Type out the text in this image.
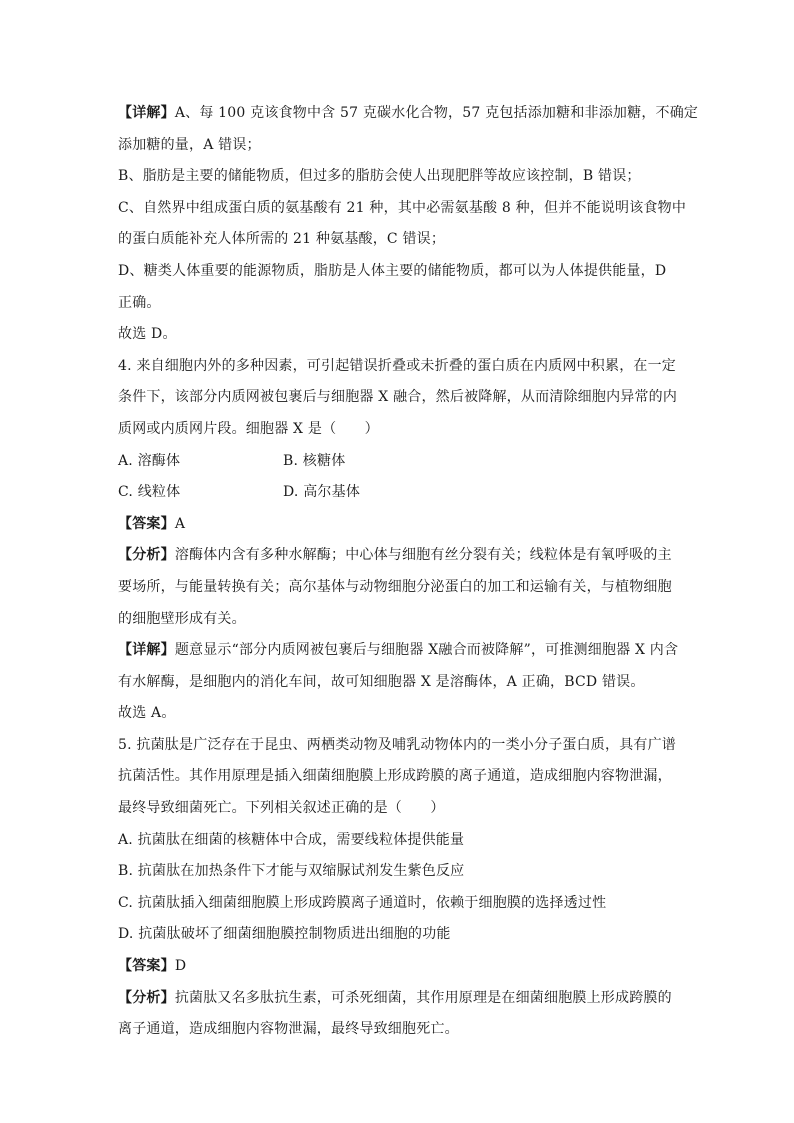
【详解】A、每 100 克该食物中含 57 克碳水化合物，57 克包括添加糖和非添加糖，不确定
添加糖的量，A 错误；
B、脂肪是主要的储能物质，但过多的脂肪会使人出现肥胖等故应该控制，B 错误；
C、自然界中组成蛋白质的氨基酸有 21 种，其中必需氨基酸 8 种，但并不能说明该食物中
的蛋白质能补充人体所需的 21 种氨基酸，C 错误；
D、糖类人体重要的能源物质，脂肪是人体主要的储能物质，都可以为人体提供能量，D
正确。
故选 D。
4. 来自细胞内外的多种因素，可引起错误折叠或未折叠的蛋白质在内质网中积累，在一定
条件下，该部分内质网被包裹后与细胞器 X 融合，然后被降解，从而清除细胞内异常的内
质网或内质网片段。细胞器 X 是（　　）
A. 溶酶体	B. 核糖体
C. 线粒体	D. 高尔基体
【答案】A
【分析】溶酶体内含有多种水解酶；中心体与细胞有丝分裂有关；线粒体是有氧呼吸的主
要场所，与能量转换有关；高尔基体与动物细胞分泌蛋白的加工和运输有关，与植物细胞
的细胞壁形成有关。
【详解】题意显示“部分内质网被包裹后与细胞器 X融合而被降解”，可推测细胞器 X 内含
有水解酶，是细胞内的消化车间，故可知细胞器 X 是溶酶体，A 正确，BCD 错误。
故选 A。
5. 抗菌肽是广泛存在于昆虫、两栖类动物及哺乳动物体内的一类小分子蛋白质，具有广谱
抗菌活性。其作用原理是插入细菌细胞膜上形成跨膜的离子通道，造成细胞内容物泄漏，
最终导致细菌死亡。下列相关叙述正确的是（　　）
A. 抗菌肽在细菌的核糖体中合成，需要线粒体提供能量
B. 抗菌肽在加热条件下才能与双缩脲试剂发生紫色反应
C. 抗菌肽插入细菌细胞膜上形成跨膜离子通道时，依赖于细胞膜的选择透过性
D. 抗菌肽破坏了细菌细胞膜控制物质进出细胞的功能
【答案】D
【分析】抗菌肽又名多肽抗生素，可杀死细菌，其作用原理是在细菌细胞膜上形成跨膜的
离子通道，造成细胞内容物泄漏，最终导致细胞死亡。
